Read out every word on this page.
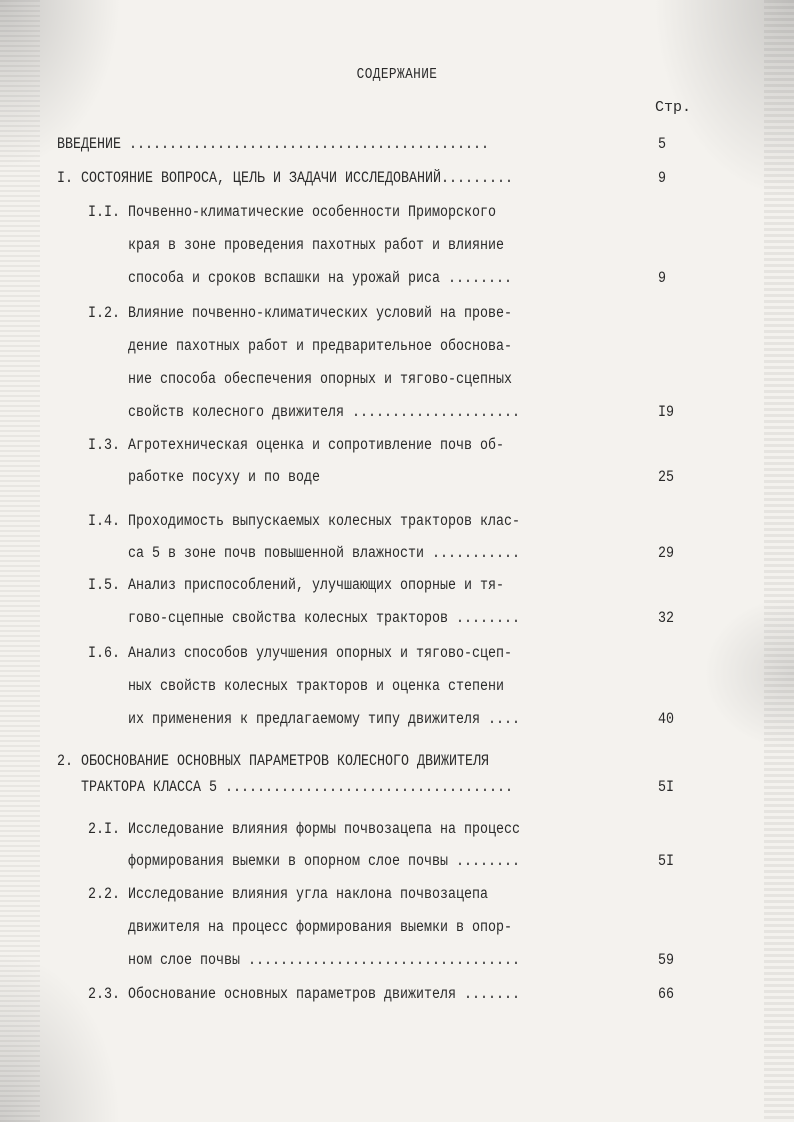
СОДЕРЖАНИЕ
Стр.
ВВЕДЕНИЕ .............................................	5
I. СОСТОЯНИЕ ВОПРОСА, ЦЕЛЬ И ЗАДАЧИ ИССЛЕДОВАНИЙ.........	9
I.I. Почвенно-климатические особенности Приморского
края в зоне проведения пахотных работ и влияние
способа и сроков вспашки на урожай риса ........	9
I.2. Влияние почвенно-климатических условий на прове-
дение пахотных работ и предварительное обоснова-
ние способа обеспечения опорных и тягово-сцепных
свойств колесного движителя .....................	I9
I.3. Агротехническая оценка и сопротивление почв об-
работке посуху и по воде	25
I.4. Проходимость выпускаемых колесных тракторов клас-
са 5 в зоне почв повышенной влажности ...........	29
I.5. Анализ приспособлений, улучшающих опорные и тя-
гово-сцепные свойства колесных тракторов ........	32
I.6. Анализ способов улучшения опорных и тягово-сцеп-
ных свойств колесных тракторов и оценка степени
их применения к предлагаемому типу движителя ....	40
2. ОБОСНОВАНИЕ ОСНОВНЫХ ПАРАМЕТРОВ КОЛЕСНОГО ДВИЖИТЕЛЯ
ТРАКТОРА КЛАССА 5 ....................................	5I
2.I. Исследование влияния формы почвозацепа на процесс
формирования выемки в опорном слое почвы ........	5I
2.2. Исследование влияния угла наклона почвозацепа
движителя на процесс формирования выемки в опор-
ном слое почвы ..................................	59
2.3. Обоснование основных параметров движителя .......	66
